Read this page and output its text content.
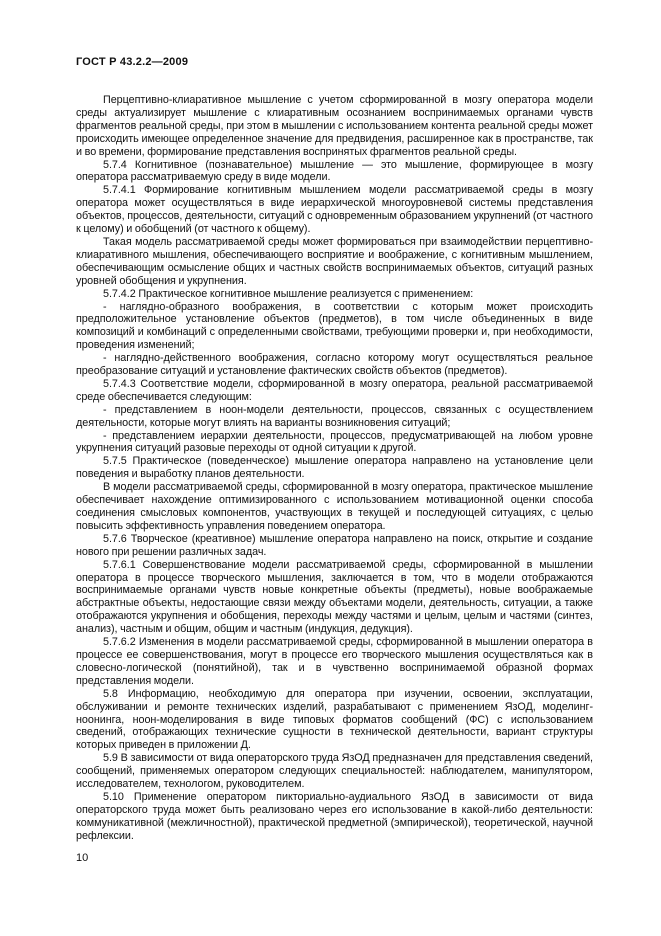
ГОСТ Р 43.2.2—2009

Перцептивно-клиаративное мышление с учетом сформированной в мозгу оператора модели среды актуализирует мышление с клиаративным осознанием воспринимаемых органами чувств фрагментов реальной среды, при этом в мышлении с использованием контента реальной среды может происходить имеющее определенное значение для предвидения, расширенное как в пространстве, так и во времени, формирование представления воспринятых фрагментов реальной среды.

5.7.4 Когнитивное (познавательное) мышление — это мышление, формирующее в мозгу оператора рассматриваемую среду в виде модели.

5.7.4.1 Формирование когнитивным мышлением модели рассматриваемой среды в мозгу оператора может осуществляться в виде иерархической многоуровневой системы представления объектов, процессов, деятельности, ситуаций с одновременным образованием укрупнений (от частного к целому) и обобщений (от частного к общему).

Такая модель рассматриваемой среды может формироваться при взаимодействии перцептивно-клиаративного мышления, обеспечивающего восприятие и воображение, с когнитивным мышлением, обеспечивающим осмысление общих и частных свойств воспринимаемых объектов, ситуаций разных уровней обобщения и укрупнения.

5.7.4.2 Практическое когнитивное мышление реализуется с применением:

- наглядно-образного воображения, в соответствии с которым может происходить предположительное установление объектов (предметов), в том числе объединенных в виде композиций и комбинаций с определенными свойствами, требующими проверки и, при необходимости, проведения изменений;

- наглядно-действенного воображения, согласно которому могут осуществляться реальное преобразование ситуаций и установление фактических свойств объектов (предметов).

5.7.4.3 Соответствие модели, сформированной в мозгу оператора, реальной рассматриваемой среде обеспечивается следующим:

- представлением в ноон-модели деятельности, процессов, связанных с осуществлением деятельности, которые могут влиять на варианты возникновения ситуаций;

- представлением иерархии деятельности, процессов, предусматривающей на любом уровне укрупнения ситуаций разовые переходы от одной ситуации к другой.

5.7.5 Практическое (поведенческое) мышление оператора направлено на установление цели поведения и выработку планов деятельности.

В модели рассматриваемой среды, сформированной в мозгу оператора, практическое мышление обеспечивает нахождение оптимизированного с использованием мотивационной оценки способа соединения смысловых компонентов, участвующих в текущей и последующей ситуациях, с целью повысить эффективность управления поведением оператора.

5.7.6 Творческое (креативное) мышление оператора направлено на поиск, открытие и создание нового при решении различных задач.

5.7.6.1 Совершенствование модели рассматриваемой среды, сформированной в мышлении оператора в процессе творческого мышления, заключается в том, что в модели отображаются воспринимаемые органами чувств новые конкретные объекты (предметы), новые воображаемые абстрактные объекты, недостающие связи между объектами модели, деятельность, ситуации, а также отображаются укрупнения и обобщения, переходы между частями и целым, целым и частями (синтез, анализ), частным и общим, общим и частным (индукция, дедукция).

5.7.6.2 Изменения в модели рассматриваемой среды, сформированной в мышлении оператора в процессе ее совершенствования, могут в процессе его творческого мышления осуществляться как в словесно-логической (понятийной), так и в чувственно воспринимаемой образной формах представления модели.

5.8 Информацию, необходимую для оператора при изучении, освоении, эксплуатации, обслуживании и ремонте технических изделий, разрабатывают с применением ЯзОД, моделинг-ноонинга, ноон-моделирования в виде типовых форматов сообщений (ФС) с использованием сведений, отображающих технические сущности в технической деятельности, вариант структуры которых приведен в приложении Д.

5.9 В зависимости от вида операторского труда ЯзОД предназначен для представления сведений, сообщений, применяемых оператором следующих специальностей: наблюдателем, манипулятором, исследователем, технологом, руководителем.

5.10 Применение оператором пикториально-аудиального ЯзОД в зависимости от вида операторского труда может быть реализовано через его использование в какой-либо деятельности: коммуникативной (межличностной), практической предметной (эмпирической), теоретической, научной рефлексии.

10
